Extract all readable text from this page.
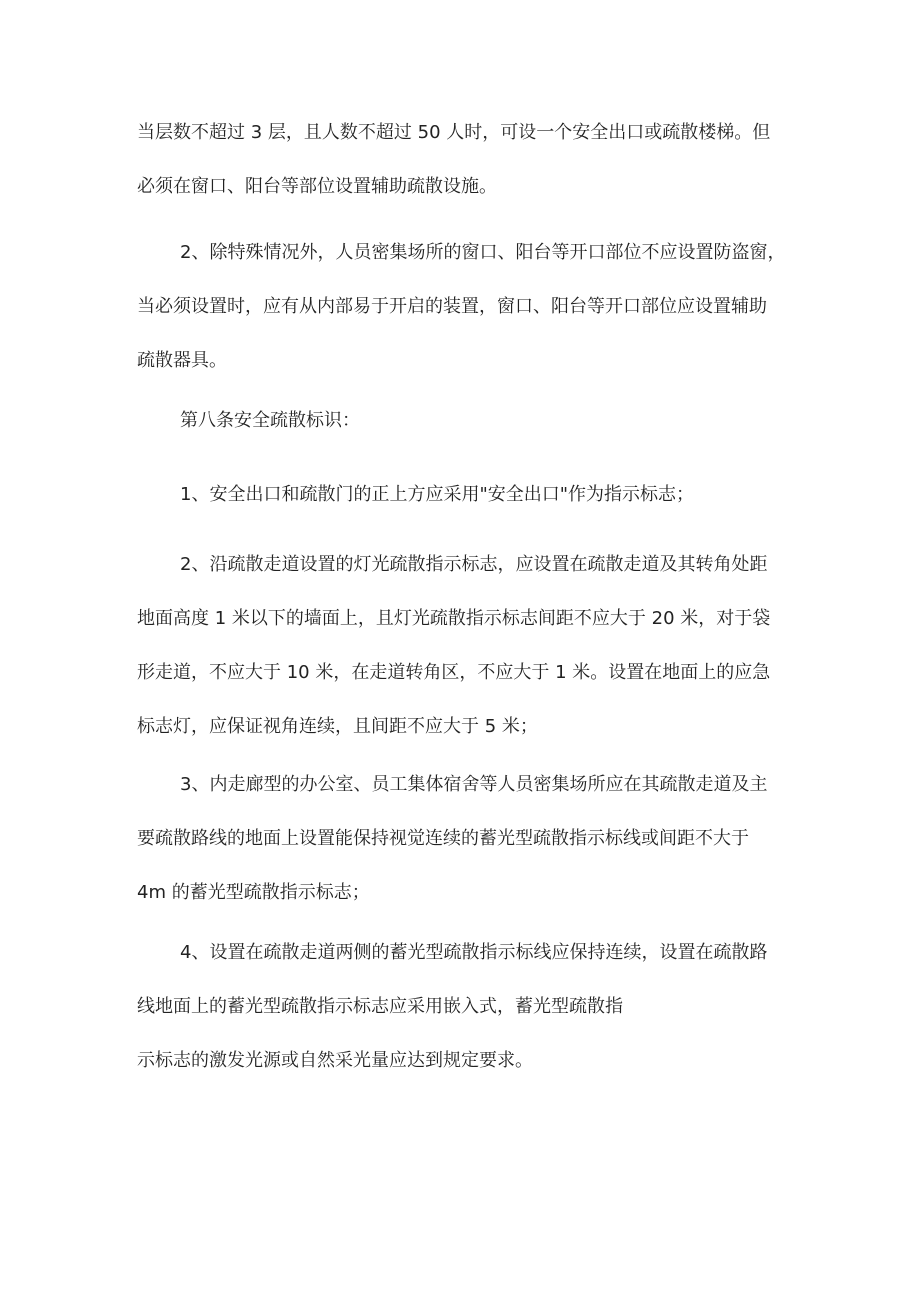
当层数不超过 3 层，且人数不超过 50 人时，可设一个安全出口或疏散楼梯。但
必须在窗口、阳台等部位设置辅助疏散设施。
2、除特殊情况外，人员密集场所的窗口、阳台等开口部位不应设置防盗窗，
当必须设置时，应有从内部易于开启的装置，窗口、阳台等开口部位应设置辅助
疏散器具。
第八条安全疏散标识：
1、安全出口和疏散门的正上方应采用"安全出口"作为指示标志；
2、沿疏散走道设置的灯光疏散指示标志，应设置在疏散走道及其转角处距
地面高度 1 米以下的墙面上，且灯光疏散指示标志间距不应大于 20 米，对于袋
形走道，不应大于 10 米，在走道转角区，不应大于 1 米。设置在地面上的应急
标志灯，应保证视角连续，且间距不应大于 5 米；
3、内走廊型的办公室、员工集体宿舍等人员密集场所应在其疏散走道及主
要疏散路线的地面上设置能保持视觉连续的蓄光型疏散指示标线或间距不大于
4m 的蓄光型疏散指示标志；
4、设置在疏散走道两侧的蓄光型疏散指示标线应保持连续，设置在疏散路
线地面上的蓄光型疏散指示标志应采用嵌入式，蓄光型疏散指
示标志的激发光源或自然采光量应达到规定要求。
